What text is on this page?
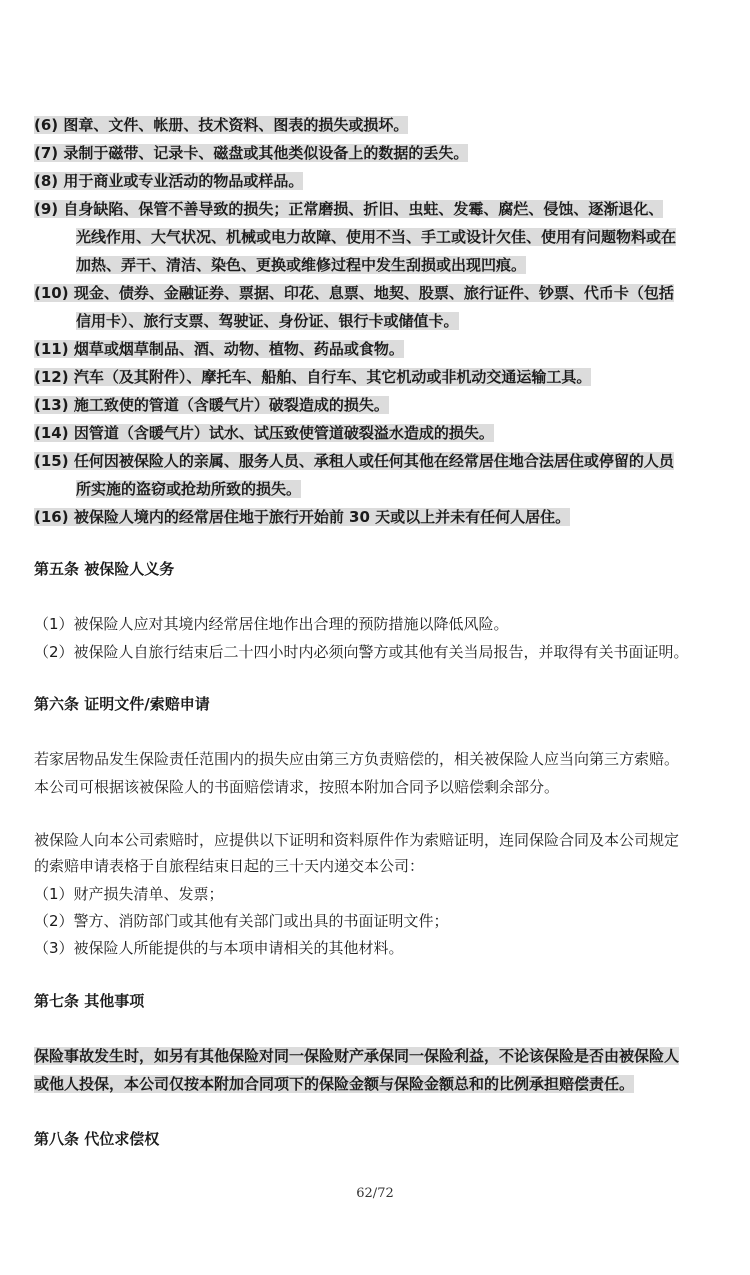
(6) 图章、文件、帐册、技术资料、图表的损失或损坏。
(7) 录制于磁带、记录卡、磁盘或其他类似设备上的数据的丢失。
(8) 用于商业或专业活动的物品或样品。
(9) 自身缺陷、保管不善导致的损失；正常磨损、折旧、虫蛀、发霉、腐烂、侵蚀、逐渐退化、
光线作用、大气状况、机械或电力故障、使用不当、手工或设计欠佳、使用有问题物料或在
加热、弄干、清洁、染色、更换或维修过程中发生刮损或出现凹痕。
(10) 现金、债券、金融证券、票据、印花、息票、地契、股票、旅行证件、钞票、代币卡（包括
信用卡）、旅行支票、驾驶证、身份证、银行卡或储值卡。
(11) 烟草或烟草制品、酒、动物、植物、药品或食物。
(12) 汽车（及其附件）、摩托车、船舶、自行车、其它机动或非机动交通运输工具。
(13) 施工致使的管道（含暖气片）破裂造成的损失。
(14) 因管道（含暖气片）试水、试压致使管道破裂溢水造成的损失。
(15) 任何因被保险人的亲属、服务人员、承租人或任何其他在经常居住地合法居住或停留的人员
所实施的盗窃或抢劫所致的损失。
(16) 被保险人境内的经常居住地于旅行开始前 30 天或以上并未有任何人居住。
第五条 被保险人义务
（1）被保险人应对其境内经常居住地作出合理的预防措施以降低风险。
（2）被保险人自旅行结束后二十四小时内必须向警方或其他有关当局报告，并取得有关书面证明。
第六条 证明文件/索赔申请
若家居物品发生保险责任范围内的损失应由第三方负责赔偿的，相关被保险人应当向第三方索赔。
本公司可根据该被保险人的书面赔偿请求，按照本附加合同予以赔偿剩余部分。
被保险人向本公司索赔时，应提供以下证明和资料原件作为索赔证明，连同保险合同及本公司规定
的索赔申请表格于自旅程结束日起的三十天内递交本公司：
（1）财产损失清单、发票；
（2）警方、消防部门或其他有关部门或出具的书面证明文件；
（3）被保险人所能提供的与本项申请相关的其他材料。
第七条 其他事项
保险事故发生时，如另有其他保险对同一保险财产承保同一保险利益，不论该保险是否由被保险人
或他人投保，本公司仅按本附加合同项下的保险金额与保险金额总和的比例承担赔偿责任。
第八条 代位求偿权
62/72
